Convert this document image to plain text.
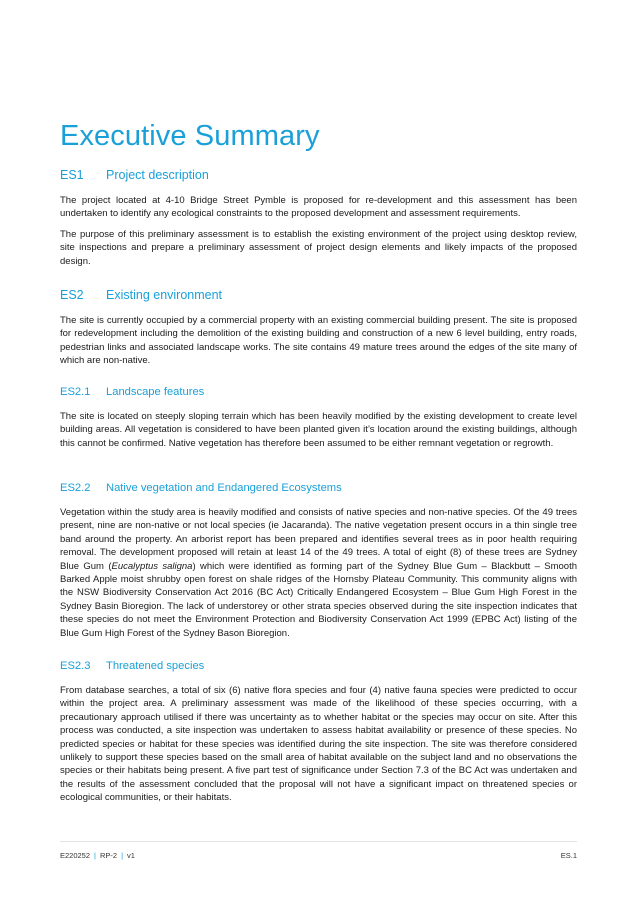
Executive Summary
ES1 Project description

The project located at 4-10 Bridge Street Pymble is proposed for re-development and this assessment has been undertaken to identify any ecological constraints to the proposed development and assessment requirements.

The purpose of this preliminary assessment is to establish the existing environment of the project using desktop review, site inspections and prepare a preliminary assessment of project design elements and likely impacts of the proposed design.

ES2 Existing environment

The site is currently occupied by a commercial property with an existing commercial building present. The site is proposed for redevelopment including the demolition of the existing building and construction of a new 6 level building, entry roads, pedestrian links and associated landscape works. The site contains 49 mature trees around the edges of the site many of which are non-native.

ES2.1 Landscape features

The site is located on steeply sloping terrain which has been heavily modified by the existing development to create level building areas. All vegetation is considered to have been planted given it’s location around the existing buildings, although this cannot be confirmed. Native vegetation has therefore been assumed to be either remnant vegetation or regrowth.

ES2.2 Native vegetation and Endangered Ecosystems

Vegetation within the study area is heavily modified and consists of native species and non-native species. Of the 49 trees present, nine are non-native or not local species (ie Jacaranda). The native vegetation present occurs in a thin single tree band around the property. An arborist report has been prepared and identifies several trees as in poor health requiring removal. The development proposed will retain at least 14 of the 49 trees. A total of eight (8) of these trees are Sydney Blue Gum (Eucalyptus saligna) which were identified as forming part of the Sydney Blue Gum – Blackbutt – Smooth Barked Apple moist shrubby open forest on shale ridges of the Hornsby Plateau Community. This community aligns with the NSW Biodiversity Conservation Act 2016 (BC Act) Critically Endangered Ecosystem – Blue Gum High Forest in the Sydney Basin Bioregion. The lack of understorey or other strata species observed during the site inspection indicates that these species do not meet the Environment Protection and Biodiversity Conservation Act 1999 (EPBC Act) listing of the Blue Gum High Forest of the Sydney Bason Bioregion.

ES2.3 Threatened species

From database searches, a total of six (6) native flora species and four (4) native fauna species were predicted to occur within the project area. A preliminary assessment was made of the likelihood of these species occurring, with a precautionary approach utilised if there was uncertainty as to whether habitat or the species may occur on site. After this process was conducted, a site inspection was undertaken to assess habitat availability or presence of these species. No predicted species or habitat for these species was identified during the site inspection. The site was therefore considered unlikely to support these species based on the small area of habitat available on the subject land and no observations the species or their habitats being present. A five part test of significance under Section 7.3 of the BC Act was undertaken and the results of the assessment concluded that the proposal will not have a significant impact on threatened species or ecological communities, or their habitats.

E220252 | RP-2 | v1	ES.1
